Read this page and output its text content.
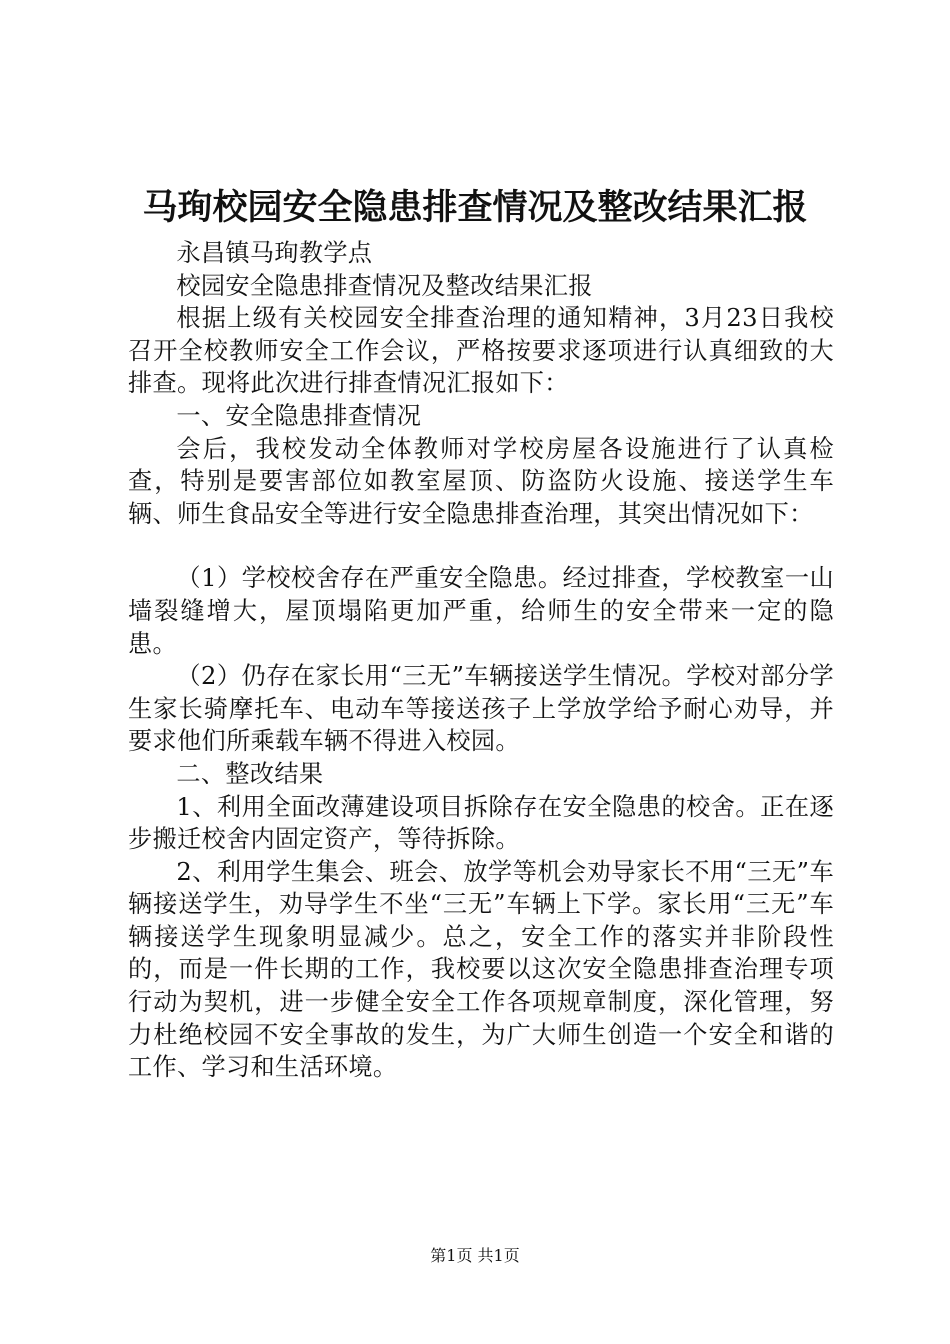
马珣校园安全隐患排查情况及整改结果汇报

永昌镇马珣教学点

校园安全隐患排查情况及整改结果汇报

根据上级有关校园安全排查治理的通知精神，3月23日我校召开全校教师安全工作会议，严格按要求逐项进行认真细致的大排查。现将此次进行排查情况汇报如下：

一、安全隐患排查情况

会后，我校发动全体教师对学校房屋各设施进行了认真检查，特别是要害部位如教室屋顶、防盗防火设施、接送学生车辆、师生食品安全等进行安全隐患排查治理，其突出情况如下：

（1）学校校舍存在严重安全隐患。经过排查，学校教室一山墙裂缝增大，屋顶塌陷更加严重，给师生的安全带来一定的隐患。

（2）仍存在家长用“三无”车辆接送学生情况。学校对部分学生家长骑摩托车、电动车等接送孩子上学放学给予耐心劝导，并要求他们所乘载车辆不得进入校园。

二、整改结果

1、利用全面改薄建设项目拆除存在安全隐患的校舍。正在逐步搬迁校舍内固定资产，等待拆除。

2、利用学生集会、班会、放学等机会劝导家长不用“三无”车辆接送学生，劝导学生不坐“三无”车辆上下学。家长用“三无”车辆接送学生现象明显减少。总之，安全工作的落实并非阶段性的，而是一件长期的工作，我校要以这次安全隐患排查治理专项行动为契机，进一步健全安全工作各项规章制度，深化管理，努力杜绝校园不安全事故的发生，为广大师生创造一个安全和谐的工作、学习和生活环境。

第1页 共1页
